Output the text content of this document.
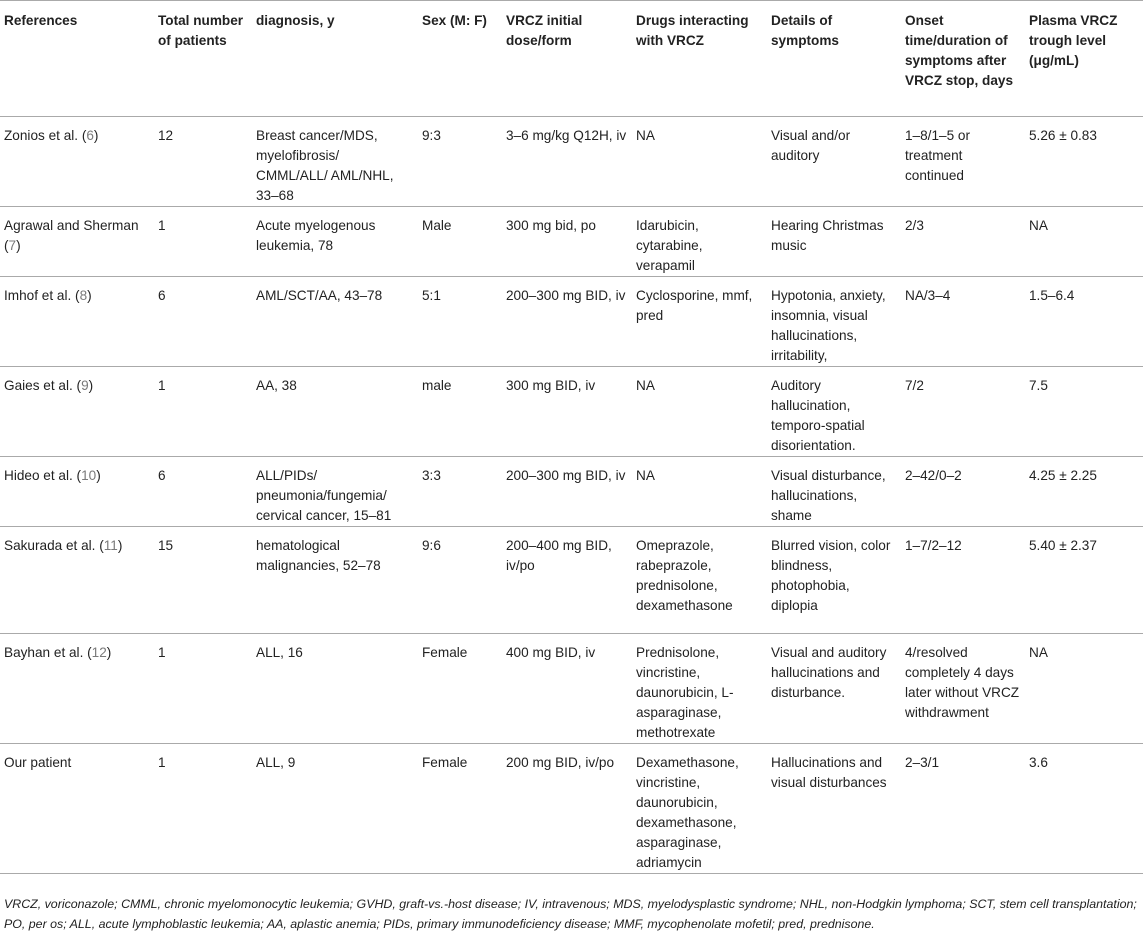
References	Total number of patients	diagnosis, y	Sex (M: F)	VRCZ initial dose/form	Drugs interacting with VRCZ	Details of symptoms	Onset time/duration of symptoms after VRCZ stop, days	Plasma VRCZ trough level (μg/mL)
Zonios et al. (6)	12	Breast cancer/MDS, myelofibrosis/ CMML/ALL/ AML/NHL, 33–68	9:3	3–6 mg/kg Q12H, iv	NA	Visual and/or auditory	1–8/1–5 or treatment continued	5.26 ± 0.83
Agrawal and Sherman (7)	1	Acute myelogenous leukemia, 78	Male	300 mg bid, po	Idarubicin, cytarabine, verapamil	Hearing Christmas music	2/3	NA
Imhof et al. (8)	6	AML/SCT/AA, 43–78	5:1	200–300 mg BID, iv	Cyclosporine, mmf, pred	Hypotonia, anxiety, insomnia, visual hallucinations, irritability,	NA/3–4	1.5–6.4
Gaies et al. (9)	1	AA, 38	male	300 mg BID, iv	NA	Auditory hallucination, temporo-spatial disorientation.	7/2	7.5
Hideo et al. (10)	6	ALL/PIDs/ pneumonia/fungemia/ cervical cancer, 15–81	3:3	200–300 mg BID, iv	NA	Visual disturbance, hallucinations, shame	2–42/0–2	4.25 ± 2.25
Sakurada et al. (11)	15	hematological malignancies, 52–78	9:6	200–400 mg BID, iv/po	Omeprazole, rabeprazole, prednisolone, dexamethasone	Blurred vision, color blindness, photophobia, diplopia	1–7/2–12	5.40 ± 2.37
Bayhan et al. (12)	1	ALL, 16	Female	400 mg BID, iv	Prednisolone, vincristine, daunorubicin, L-asparaginase, methotrexate	Visual and auditory hallucinations and disturbance.	4/resolved completely 4 days later without VRCZ withdrawment	NA
Our patient	1	ALL, 9	Female	200 mg BID, iv/po	Dexamethasone, vincristine, daunorubicin, dexamethasone, asparaginase, adriamycin	Hallucinations and visual disturbances	2–3/1	3.6
VRCZ, voriconazole; CMML, chronic myelomonocytic leukemia; GVHD, graft-vs.-host disease; IV, intravenous; MDS, myelodysplastic syndrome; NHL, non-Hodgkin lymphoma; SCT, stem cell transplantation; PO, per os; ALL, acute lymphoblastic leukemia; AA, aplastic anemia; PIDs, primary immunodeficiency disease; MMF, mycophenolate mofetil; pred, prednisone.
